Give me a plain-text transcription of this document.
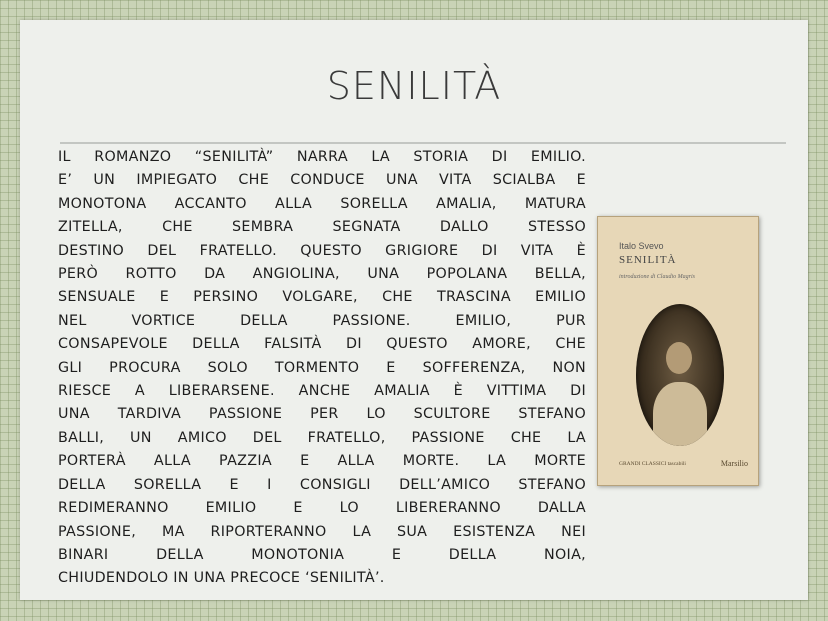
SENILITÀ
IL ROMANZO “SENILITÀ” NARRA LA STORIA DI EMILIO.
E’ UN IMPIEGATO CHE CONDUCE UNA VITA SCIALBA E
MONOTONA ACCANTO ALLA SORELLA AMALIA, MATURA
ZITELLA, CHE SEMBRA SEGNATA DALLO STESSO
DESTINO DEL FRATELLO. QUESTO GRIGIORE DI VITA È
PERÒ ROTTO DA ANGIOLINA, UNA POPOLANA BELLA,
SENSUALE E PERSINO VOLGARE, CHE TRASCINA EMILIO
NEL VORTICE DELLA PASSIONE. EMILIO, PUR
CONSAPEVOLE DELLA FALSITÀ DI QUESTO AMORE, CHE
GLI PROCURA SOLO TORMENTO E SOFFERENZA, NON
RIESCE A LIBERARSENE. ANCHE AMALIA È VITTIMA DI
UNA TARDIVA PASSIONE PER LO SCULTORE STEFANO
BALLI, UN AMICO DEL FRATELLO, PASSIONE CHE LA
PORTERÀ ALLA PAZZIA E ALLA MORTE. LA MORTE
DELLA SORELLA E I CONSIGLI DELL’AMICO STEFANO
REDIMERANNO EMILIO E LO LIBERERANNO DALLA
PASSIONE, MA RIPORTERANNO LA SUA ESISTENZA NEI
BINARI DELLA MONOTONIA E DELLA NOIA,
CHIUDENDOLO IN UNA PRECOCE ‘SENILITÀ’.
Italo Svevo
SENILITÀ
introduzione di Claudio Magris
GRANDI CLASSICI tascabili	Marsilio
